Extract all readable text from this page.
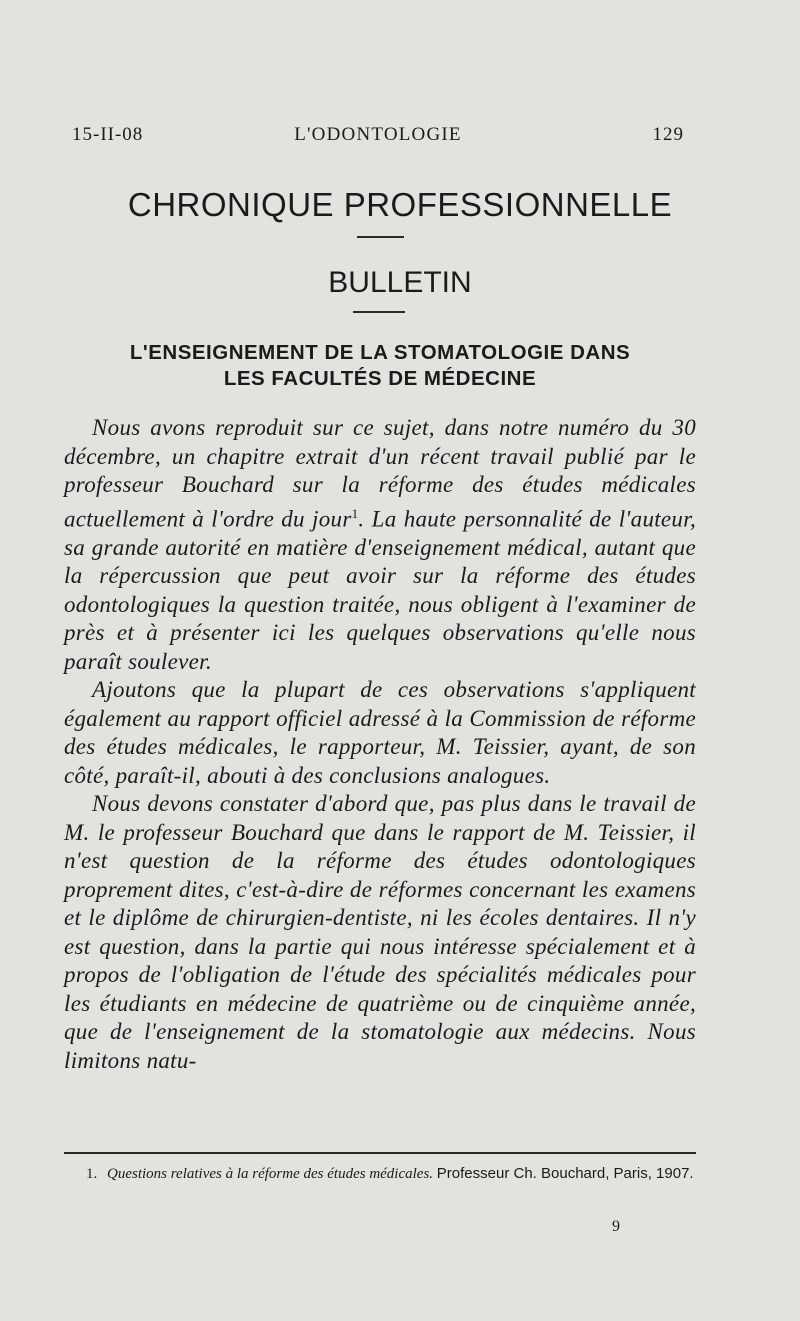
15-II-08	L'ODONTOLOGIE	129
CHRONIQUE PROFESSIONNELLE
BULLETIN
L'ENSEIGNEMENT DE LA STOMATOLOGIE DANS
LES FACULTÉS DE MÉDECINE

Nous avons reproduit sur ce sujet, dans notre numéro du 30 décembre, un chapitre extrait d'un récent travail publié par le professeur Bouchard sur la réforme des études médicales actuellement à l'ordre du jour$^1$. La haute personnalité de l'auteur, sa grande autorité en matière d'enseignement médical, autant que la répercussion que peut avoir sur la réforme des études odontologiques la question traitée, nous obligent à l'examiner de près et à présenter ici les quelques observations qu'elle nous paraît soulever.

Ajoutons que la plupart de ces observations s'appliquent également au rapport officiel adressé à la Commission de réforme des études médicales, le rapporteur, M. Teissier, ayant, de son côté, paraît-il, abouti à des conclusions analogues.

Nous devons constater d'abord que, pas plus dans le travail de M. le professeur Bouchard que dans le rapport de M. Teissier, il n'est question de la réforme des études odontologiques proprement dites, c'est-à-dire de réformes concernant les examens et le diplôme de chirurgien-dentiste, ni les écoles dentaires. Il n'y est question, dans la partie qui nous intéresse spécialement et à propos de l'obligation de l'étude des spécialités médicales pour les étudiants en médecine de quatrième ou de cinquième année, que de l'enseignement de la stomatologie aux médecins. Nous limitons natu-

1. Questions relatives à la réforme des études médicales. Professeur Ch. Bouchard, Paris, 1907.
9
